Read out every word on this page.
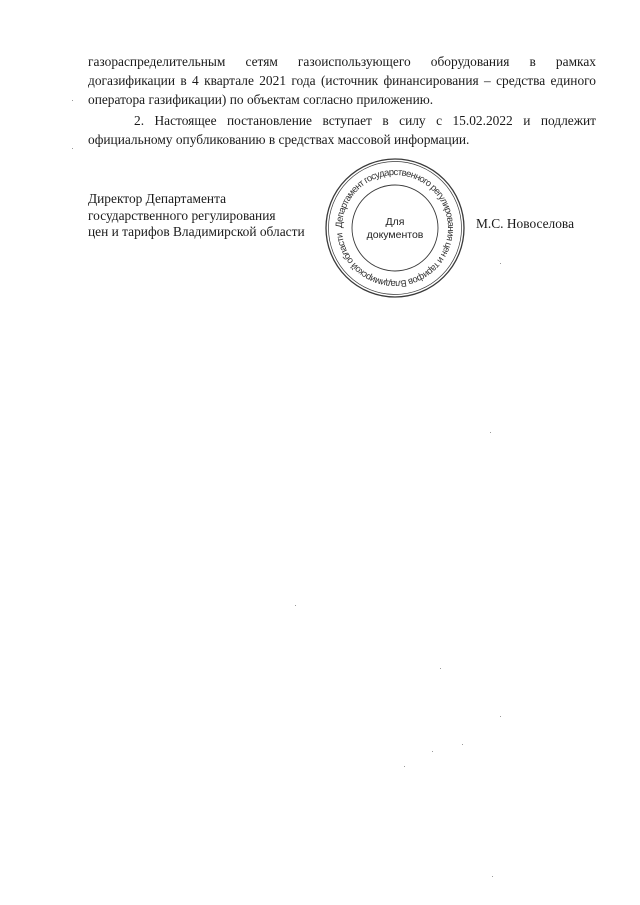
газораспределительным сетям газоиспользующего оборудования в рамках догазификации в 4 квартале 2021 года (источник финансирования – средства единого оператора газификации) по объектам согласно приложению.

2. Настоящее постановление вступает в силу с 15.02.2022 и подлежит официальному опубликованию в средствах массовой информации.

Директор Департамента
государственного регулирования
цен и тарифов Владимирской области

М.С. Новоселова
Департамент государственного регулирования цен и тарифов Владимирской области
Для
документов
